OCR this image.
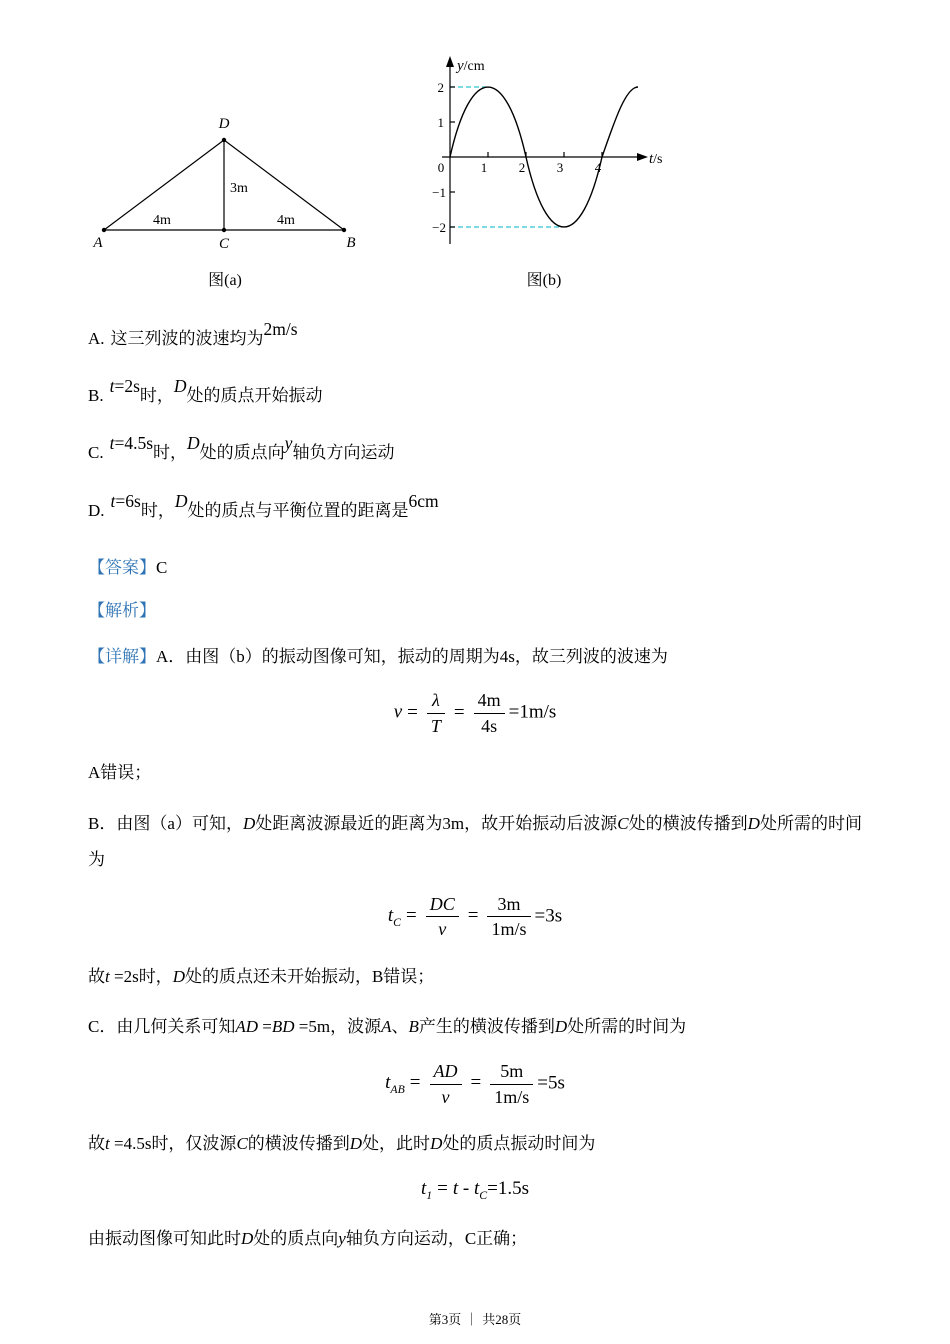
D
A	B
C
3m
4m	4m
图(a)
0	1 2 3 4
2
1
−1
−2
y/cm
t/s
图(b)
A. 这三列波的波速均为2m/s
B. t=2s时，D处的质点开始振动
C. t=4.5s时，D处的质点向y轴负方向运动
D. t=6s时，D处的质点与平衡位置的距离是6cm

【答案】C

【解析】

【详解】A．由图（b）的振动图像可知，振动的周期为4s，故三列波的波速为

$v = \frac{\lambda}{T} = \frac{4m}{4s} =1m/s$

A错误；

B．由图（a）可知，D处距离波源最近的距离为3m，故开始振动后波源C处的横波传播到D处所需的时间为

$t_C = \frac{DC}{v} = \frac{3m}{1m/s} =3s$

故t =2s时，D处的质点还未开始振动，B错误；

C．由几何关系可知AD =BD =5m，波源A、B产生的横波传播到D处所需的时间为

$t_{AB} = \frac{AD}{v} = \frac{5m}{1m/s} =5s$

故t =4.5s时，仅波源C的横波传播到D处，此时D处的质点振动时间为

$t_1 = t - t_C=1.5s$

由振动图像可知此时D处的质点向y轴负方向运动，C正确；

第3页 ｜ 共28页
